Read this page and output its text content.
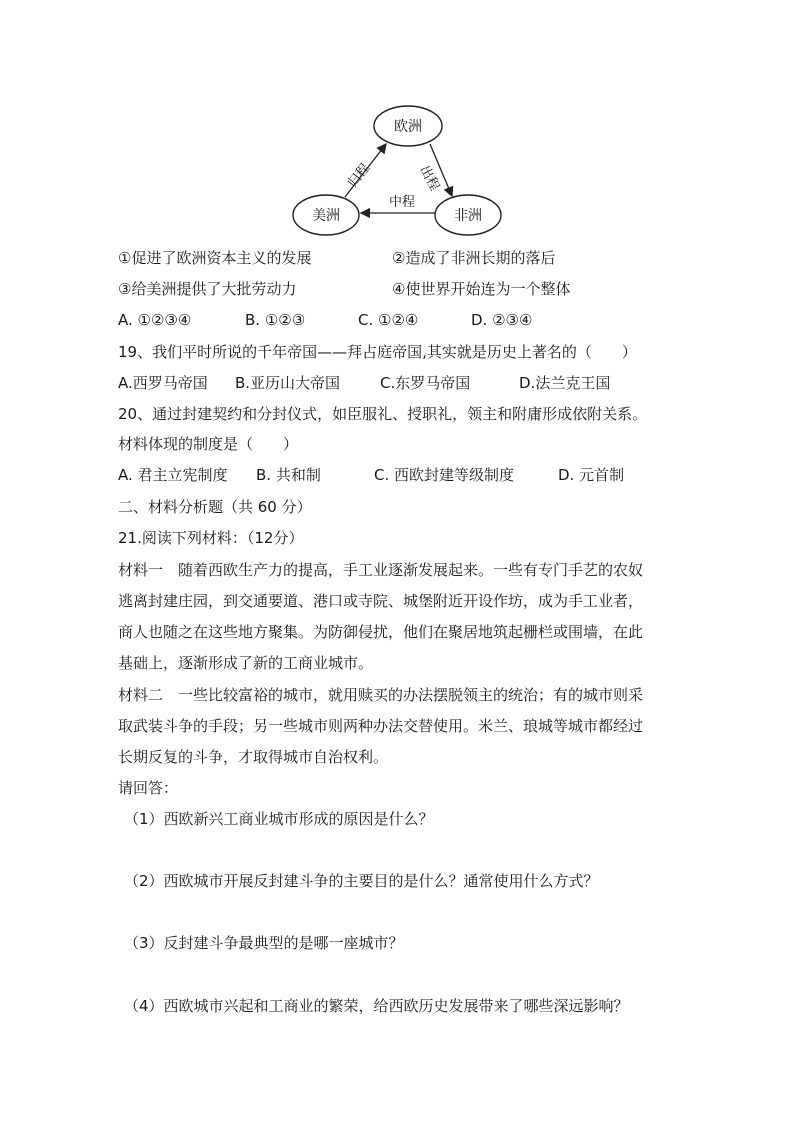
欧洲
美洲	非洲
归程	出程
中程
①促进了欧洲资本主义的发展	②造成了非洲长期的落后
③给美洲提供了大批劳动力	④使世界开始连为一个整体
A. ①②③④	B. ①②③	C. ①②④	D. ②③④
19、我们平时所说的千年帝国——拜占庭帝国,其实就是历史上著名的（　　）
A.西罗马帝国 B.亚历山大帝国	C.东罗马帝国	D.法兰克王国
20、通过封建契约和分封仪式，如臣服礼、授职礼，领主和附庸形成依附关系。
材料体现的制度是（　　）
A. 君主立宪制度 B. 共和制	C. 西欧封建等级制度	D. 元首制
二、材料分析题（共 60 分）
21.阅读下列材料：（12分）
材料一　随着西欧生产力的提高，手工业逐渐发展起来。一些有专门手艺的农奴
逃离封建庄园，到交通要道、港口或寺院、城堡附近开设作坊，成为手工业者，
商人也随之在这些地方聚集。为防御侵扰，他们在聚居地筑起栅栏或围墙，在此
基础上，逐渐形成了新的工商业城市。
材料二　一些比较富裕的城市，就用赎买的办法摆脱领主的统治；有的城市则采
取武装斗争的手段；另一些城市则两种办法交替使用。米兰、琅城等城市都经过
长期反复的斗争，才取得城市自治权利。
请回答：
（1）西欧新兴工商业城市形成的原因是什么？
（2）西欧城市开展反封建斗争的主要目的是什么？通常使用什么方式？
（3）反封建斗争最典型的是哪一座城市？
（4）西欧城市兴起和工商业的繁荣，给西欧历史发展带来了哪些深远影响？
